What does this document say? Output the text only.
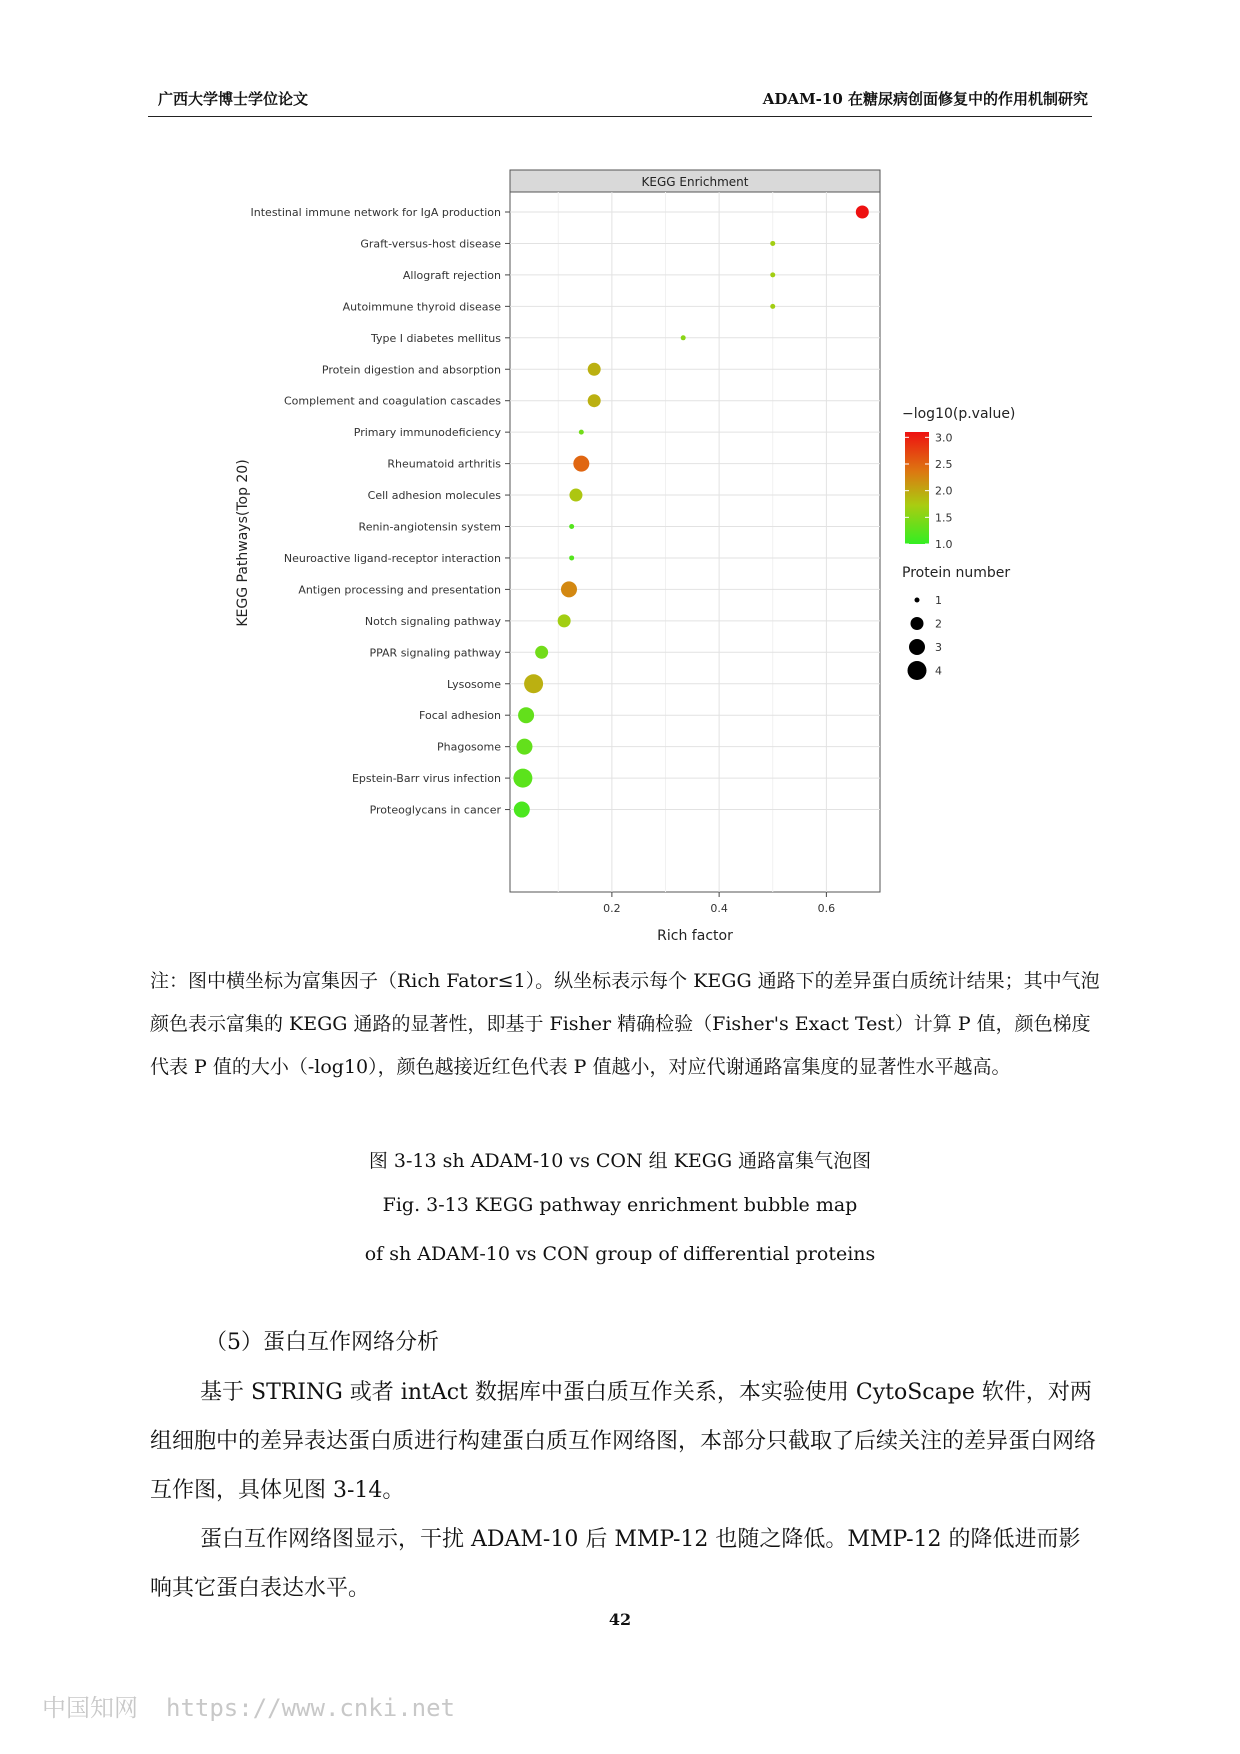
广西大学博士学位论文	ADAM-10 在糖尿病创面修复中的作用机制研究
KEGG Enrichment
0.2	0.4	0.6
Intestinal immune network for IgA production
Graft-versus-host disease
Allograft rejection
Autoimmune thyroid disease
Type I diabetes mellitus
Protein digestion and absorption
Complement and coagulation cascades
Primary immunodeficiency
Rheumatoid arthritis
Cell adhesion molecules
Renin-angiotensin system
Neuroactive ligand-receptor interaction
Antigen processing and presentation
Notch signaling pathway
PPAR signaling pathway
Lysosome
Focal adhesion
Phagosome
Epstein-Barr virus infection
Proteoglycans in cancer
Rich factor
KEGG Pathways(Top 20)
−log10(p.value)
3.0
2.5
2.0
1.5
1.0
Protein number
1
2
3
4
注：图中横坐标为富集因子（Rich Fator≤1）。纵坐标表示每个 KEGG 通路下的差异蛋白质统计结果；其中气泡颜色表示富集的 KEGG 通路的显著性，即基于 Fisher 精确检验（Fisher's Exact Test）计算 P 值，颜色梯度代表 P 值的大小（-log10），颜色越接近红色代表 P 值越小，对应代谢通路富集度的显著性水平越高。
图 3-13 sh ADAM-10 vs CON 组 KEGG 通路富集气泡图
Fig. 3-13 KEGG pathway enrichment bubble map
of sh ADAM-10 vs CON group of differential proteins
（5）蛋白互作网络分析
基于 STRING 或者 intAct 数据库中蛋白质互作关系，本实验使用 CytoScape 软件，对两组细胞中的差异表达蛋白质进行构建蛋白质互作网络图，本部分只截取了后续关注的差异蛋白网络互作图，具体见图 3-14。
蛋白互作网络图显示，干扰 ADAM-10 后 MMP-12 也随之降低。MMP-12 的降低进而影响其它蛋白表达水平。
42
中国知网 https://www.cnki.net
